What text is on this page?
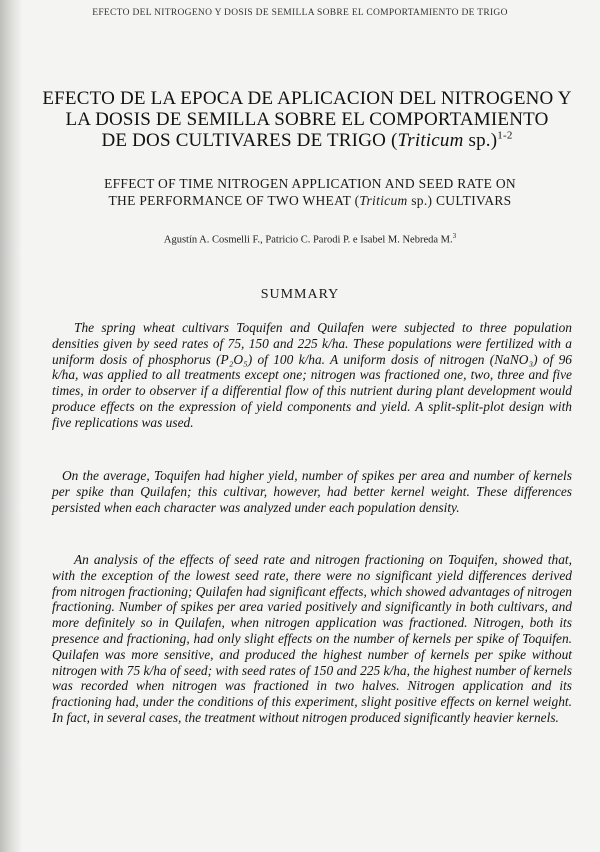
EFECTO DEL NITROGENO Y DOSIS DE SEMILLA SOBRE EL COMPORTAMIENTO DE TRIGO
EFECTO DE LA EPOCA DE APLICACION DEL NITROGENO Y
LA DOSIS DE SEMILLA SOBRE EL COMPORTAMIENTO
DE DOS CULTIVARES DE TRIGO (Triticum sp.)$^{1-2}$
EFFECT OF TIME NITROGEN APPLICATION AND SEED RATE ON
THE PERFORMANCE OF TWO WHEAT (Triticum sp.) CULTIVARS
Agustín A. Cosmelli F., Patricio C. Parodi P. e Isabel M. Nebreda M.$^3$
SUMMARY
The spring wheat cultivars Toquifen and Quilafen were subjected to three population densities given by seed rates of 75, 150 and 225 k/ha. These populations were fertilized with a uniform dosis of phosphorus (P₂O₅) of 100 k/ha. A uniform dosis of nitrogen (NaNO₃) of 96 k/ha, was applied to all treatments except one; nitrogen was fractioned one, two, three and five times, in order to observer if a differential flow of this nutrient during plant development would produce effects on the expression of yield components and yield. A split-split-plot design with five replications was used.
On the average, Toquifen had higher yield, number of spikes per area and number of kernels per spike than Quilafen; this cultivar, however, had better kernel weight. These differences persisted when each character was analyzed under each population density.
An analysis of the effects of seed rate and nitrogen fractioning on Toquifen, showed that, with the exception of the lowest seed rate, there were no significant yield differences derived from nitrogen fractioning; Quilafen had significant effects, which showed advantages of nitrogen fractioning. Number of spikes per area varied positively and significantly in both cultivars, and more definitely so in Quilafen, when nitrogen application was fractioned. Nitrogen, both its presence and fractioning, had only slight effects on the number of kernels per spike of Toquifen. Quilafen was more sensitive, and produced the highest number of kernels per spike without nitrogen with 75 k/ha of seed; with seed rates of 150 and 225 k/ha, the highest number of kernels was recorded when nitrogen was fractioned in two halves. Nitrogen application and its fractioning had, under the conditions of this experiment, slight positive effects on kernel weight. In fact, in several cases, the treatment without nitrogen produced significantly heavier kernels.
